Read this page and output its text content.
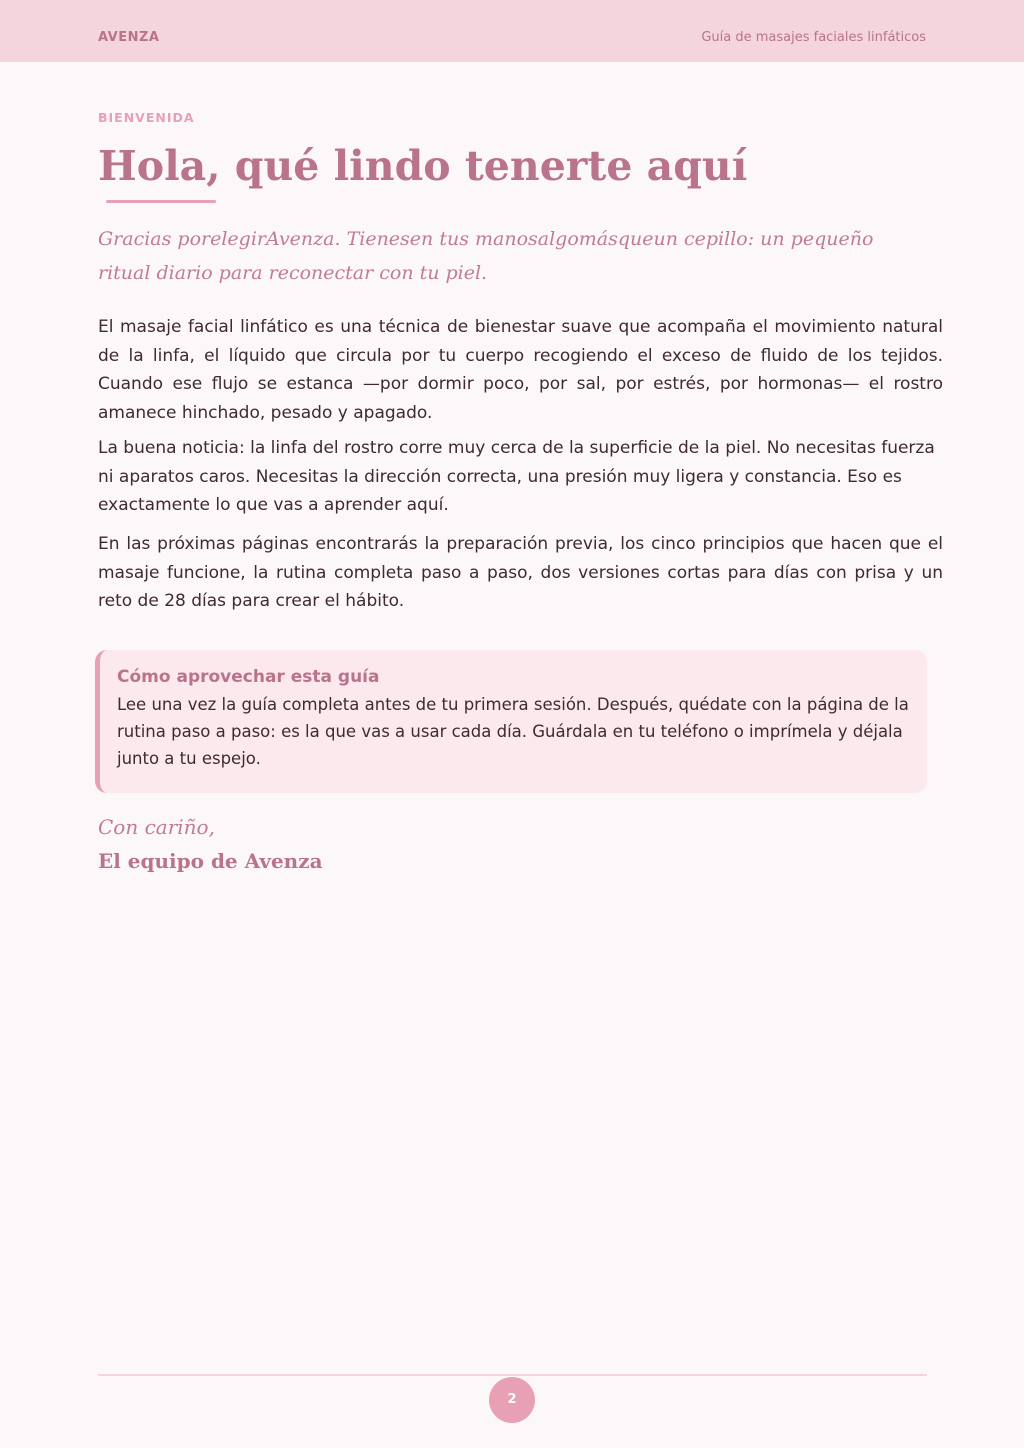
AVENZA	Guía de masajes faciales linfáticos
BIENVENIDA
Hola, qué lindo tenerte aquí

Gracias porelegirAvenza. Tienesen tus manosalgomásqueun cepillo: un pequeño ritual diario para reconectar con tu piel.

El masaje facial linfático es una técnica de bienestar suave que acompaña el movimiento natural de la linfa, el líquido que circula por tu cuerpo recogiendo el exceso de fluido de los tejidos. Cuando ese flujo se estanca —por dormir poco, por sal, por estrés, por hormonas— el rostro amanece hinchado, pesado y apagado.

La buena noticia: la linfa del rostro corre muy cerca de la superficie de la piel. No necesitas fuerza ni aparatos caros. Necesitas la dirección correcta, una presión muy ligera y constancia. Eso es exactamente lo que vas a aprender aquí.

En las próximas páginas encontrarás la preparación previa, los cinco principios que hacen que el masaje funcione, la rutina completa paso a paso, dos versiones cortas para días con prisa y un reto de 28 días para crear el hábito.

Cómo aprovechar esta guía

Lee una vez la guía completa antes de tu primera sesión. Después, quédate con la página de la rutina paso a paso: es la que vas a usar cada día. Guárdala en tu teléfono o imprímela y déjala junto a tu espejo.

Con cariño,
El equipo de Avenza
2
